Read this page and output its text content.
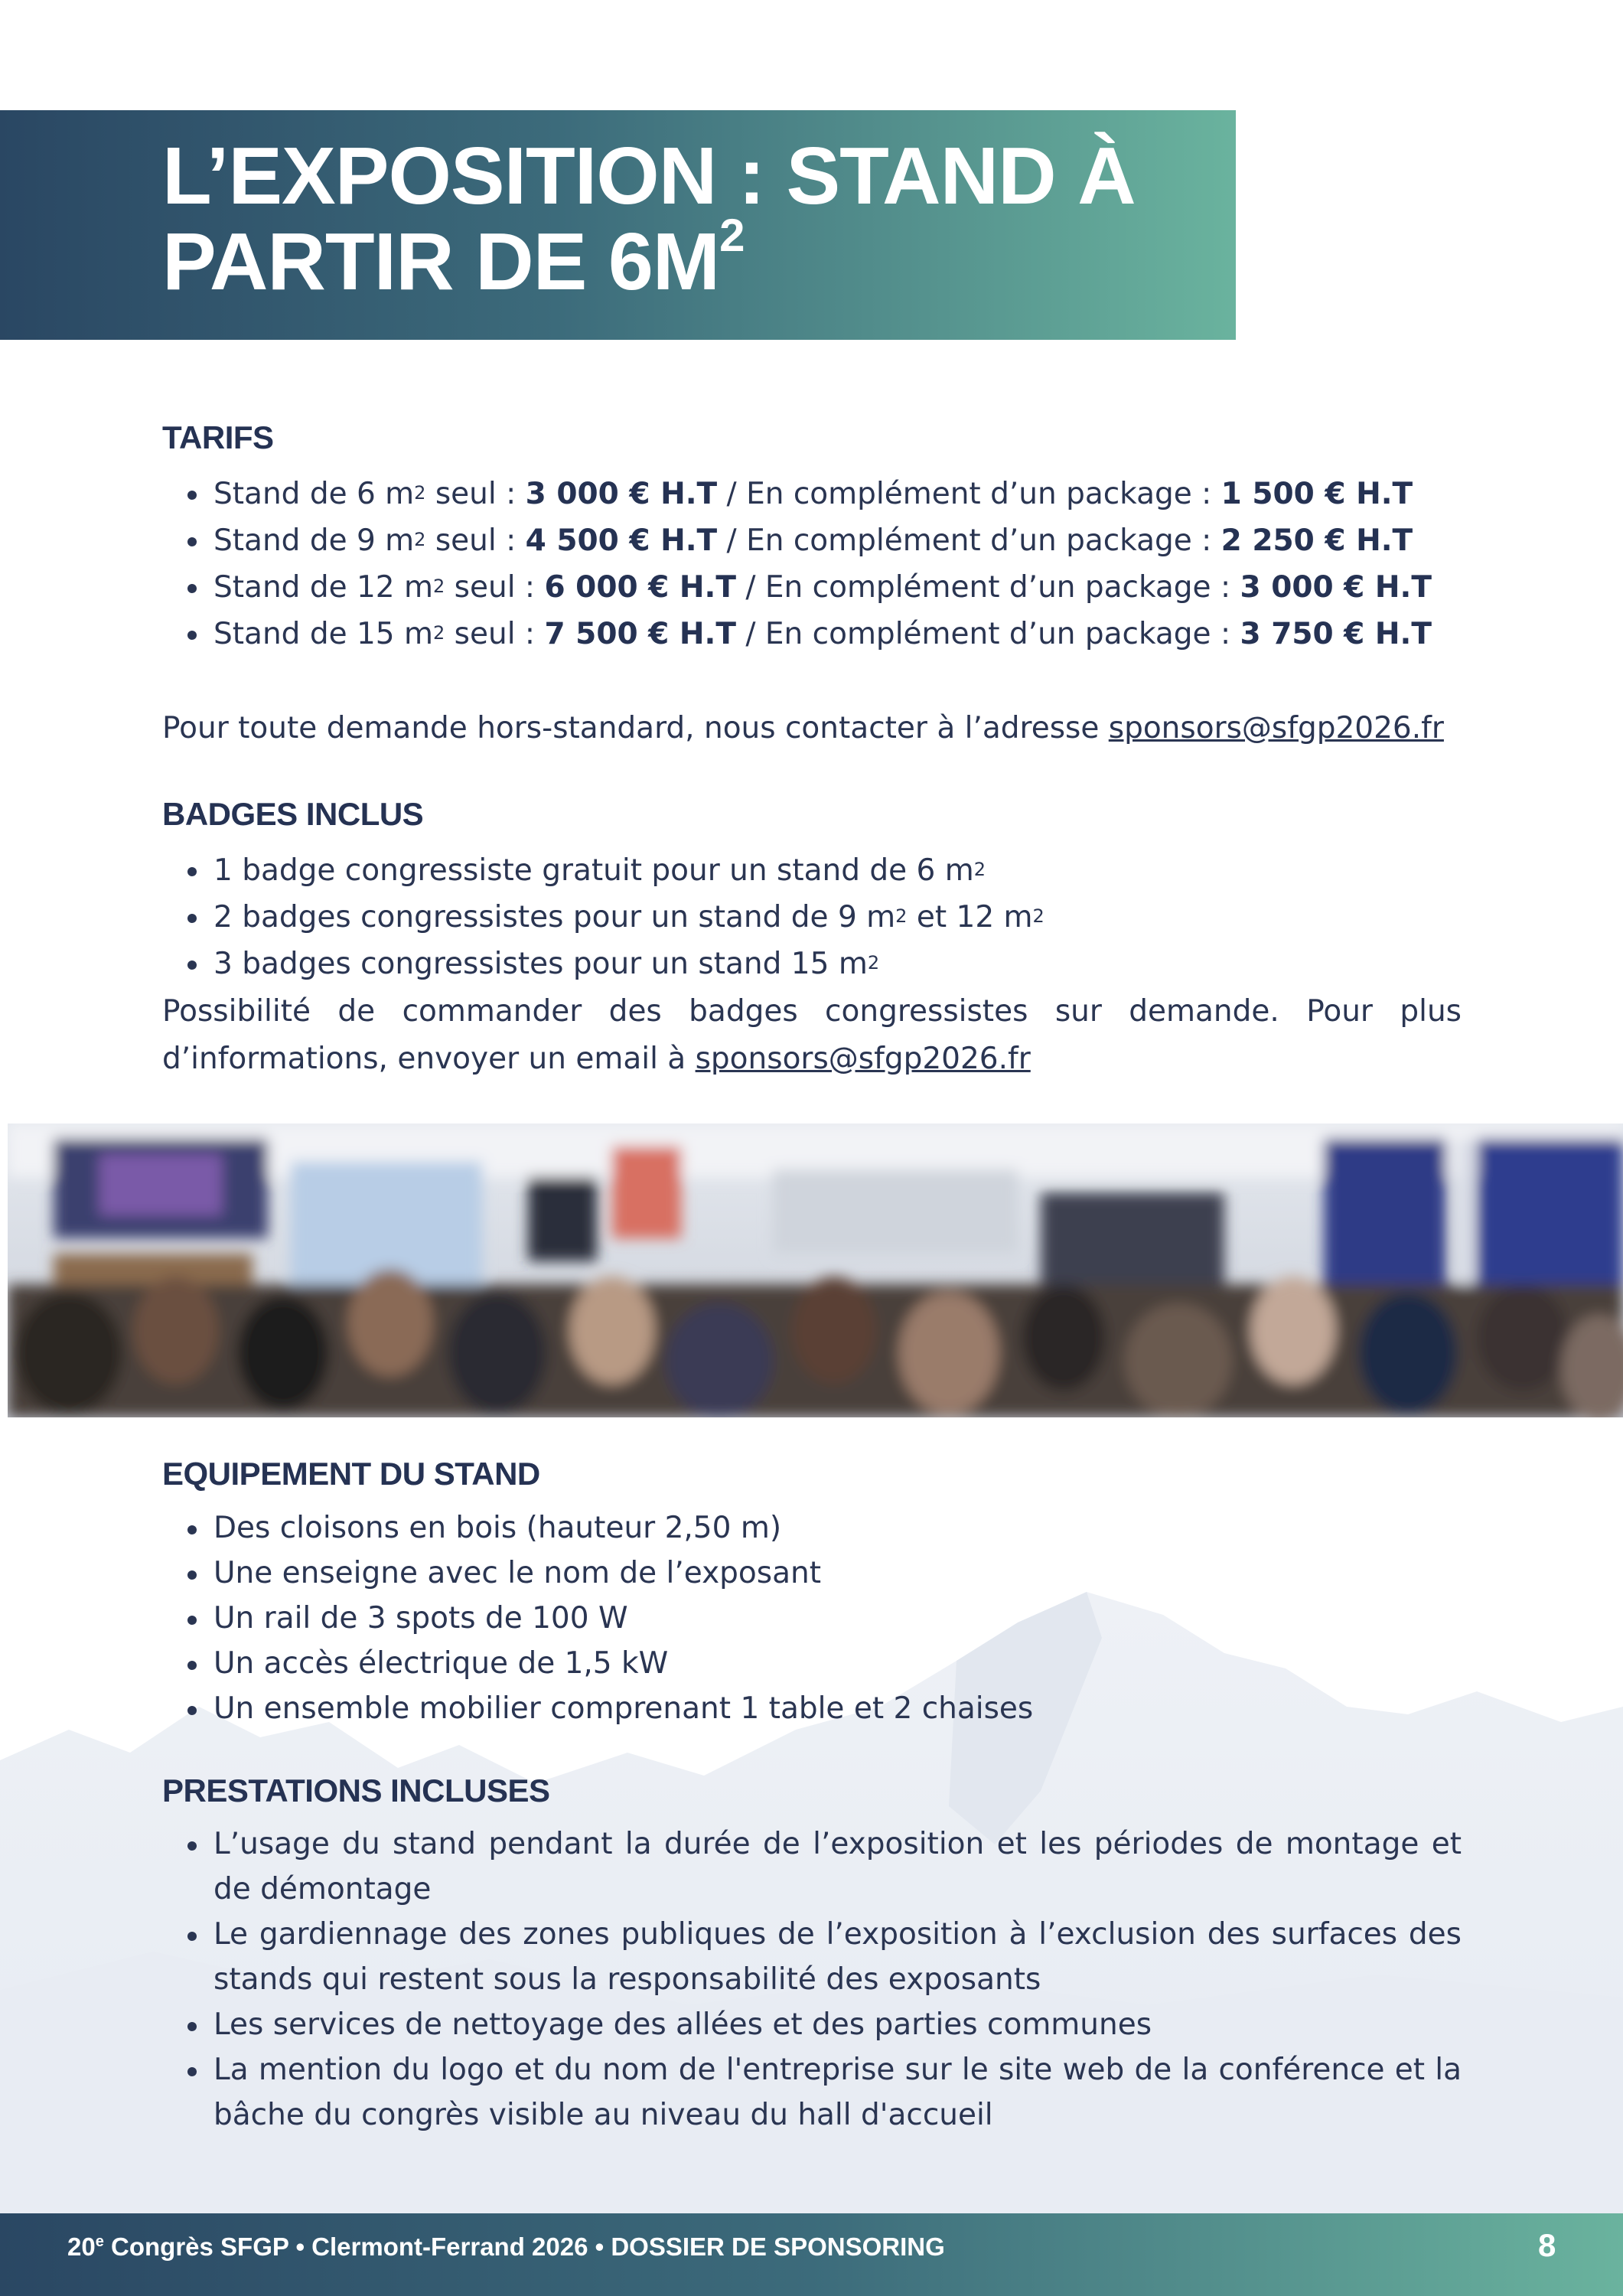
L’EXPOSITION : STAND À
PARTIR DE $6M^2$
TARIFS
Stand de 6 $m^2$ seul : 3 000 € H.T / En complément d’un package : 1 500 € H.T
Stand de 9 $m^2$ seul : 4 500 € H.T / En complément d’un package : 2 250 € H.T
Stand de 12 $m^2$ seul : 6 000 € H.T / En complément d’un package : 3 000 € H.T
Stand de 15 $m^2$ seul : 7 500 € H.T / En complément d’un package : 3 750 € H.T

Pour toute demande hors-standard, nous contacter à l’adresse sponsors@sfgp2026.fr

BADGES INCLUS
1 badge congressiste gratuit pour un stand de 6 $m^2$
2 badges congressistes pour un stand de 9 $m^2$ et 12 $m^2$
3 badges congressistes pour un stand 15 $m^2$

Possibilité de commander des badges congressistes sur demande. Pour plus d’informations, envoyer un email à sponsors@sfgp2026.fr

EQUIPEMENT DU STAND
Des cloisons en bois (hauteur 2,50 m)
Une enseigne avec le nom de l’exposant
Un rail de 3 spots de 100 W
Un accès électrique de 1,5 kW
Un ensemble mobilier comprenant 1 table et 2 chaises
PRESTATIONS INCLUSES
L’usage du stand pendant la durée de l’exposition et les périodes de montage et de démontage
Le gardiennage des zones publiques de l’exposition à l’exclusion des surfaces des stands qui restent sous la responsabilité des exposants
Les services de nettoyage des allées et des parties communes
La mention du logo et du nom de l'entreprise sur le site web de la conférence et la bâche du congrès visible au niveau du hall d'accueil

20e Congrès SFGP • Clermont-Ferrand 2026 • DOSSIER DE SPONSORING	8
